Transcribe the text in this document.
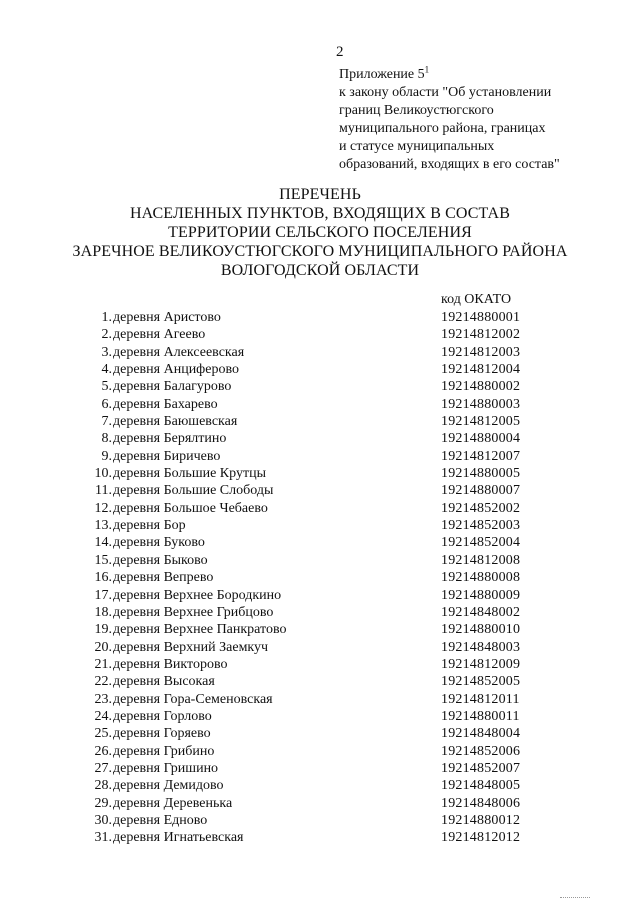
2
Приложение $5^1$
к закону области "Об установлении
границ Великоустюгского
муниципального района, границах
и статусе муниципальных
образований, входящих в его состав"
ПЕРЕЧЕНЬ
НАСЕЛЕННЫХ ПУНКТОВ, ВХОДЯЩИХ В СОСТАВ
ТЕРРИТОРИИ СЕЛЬСКОГО ПОСЕЛЕНИЯ
ЗАРЕЧНОЕ ВЕЛИКОУСТЮГСКОГО МУНИЦИПАЛЬНОГО РАЙОНА
ВОЛОГОДСКОЙ ОБЛАСТИ
код ОКАТО
1. деревня Аристово	19214880001
2. деревня Агеево	19214812002
3. деревня Алексеевская	19214812003
4. деревня Анциферово	19214812004
5. деревня Балагурово	19214880002
6. деревня Бахарево	19214880003
7. деревня Баюшевская	19214812005
8. деревня Берялтино	19214880004
9. деревня Биричево	19214812007
10. деревня Большие Крутцы	19214880005
11. деревня Большие Слободы	19214880007
12. деревня Большое Чебаево	19214852002
13. деревня Бор	19214852003
14. деревня Буково	19214852004
15. деревня Быково	19214812008
16. деревня Вепрево	19214880008
17. деревня Верхнее Бородкино	19214880009
18. деревня Верхнее Грибцово	19214848002
19. деревня Верхнее Панкратово	19214880010
20. деревня Верхний Заемкуч	19214848003
21. деревня Викторово	19214812009
22. деревня Высокая	19214852005
23. деревня Гора-Семеновская	19214812011
24. деревня Горлово	19214880011
25. деревня Горяево	19214848004
26. деревня Грибино	19214852006
27. деревня Гришино	19214852007
28. деревня Демидово	19214848005
29. деревня Деревенька	19214848006
30. деревня Едново	19214880012
31. деревня Игнатьевская	19214812012
